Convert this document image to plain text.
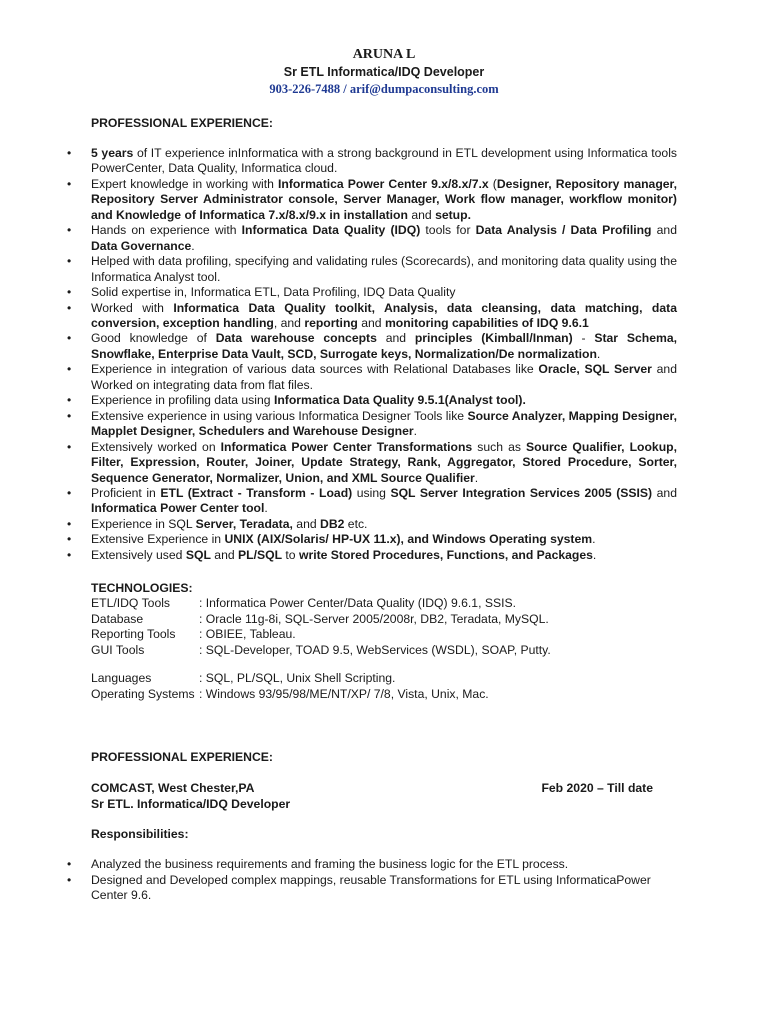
ARUNA L
Sr ETL Informatica/IDQ Developer
903-226-7488 / arif@dumpaconsulting.com
PROFESSIONAL EXPERIENCE:
• 5 years of IT experience inInformatica with a strong background in ETL development using Informatica tools PowerCenter, Data Quality, Informatica cloud.
• Expert knowledge in working with Informatica Power Center 9.x/8.x/7.x (Designer, Repository manager, Repository Server Administrator console, Server Manager, Work flow manager, workflow monitor) and Knowledge of Informatica 7.x/8.x/9.x in installation and setup.
• Hands on experience with Informatica Data Quality (IDQ) tools for Data Analysis / Data Profiling and Data Governance.
• Helped with data profiling, specifying and validating rules (Scorecards), and monitoring data quality using the Informatica Analyst tool.
• Solid expertise in, Informatica ETL, Data Profiling, IDQ Data Quality
• Worked with Informatica Data Quality toolkit, Analysis, data cleansing, data matching, data conversion, exception handling, and reporting and monitoring capabilities of IDQ 9.6.1
• Good knowledge of Data warehouse concepts and principles (Kimball/Inman) - Star Schema, Snowflake, Enterprise Data Vault, SCD, Surrogate keys, Normalization/De normalization.
• Experience in integration of various data sources with Relational Databases like Oracle, SQL Server and Worked on integrating data from flat files.
• Experience in profiling data using Informatica Data Quality 9.5.1(Analyst tool).
• Extensive experience in using various Informatica Designer Tools like Source Analyzer, Mapping Designer, Mapplet Designer, Schedulers and Warehouse Designer.
• Extensively worked on Informatica Power Center Transformations such as Source Qualifier, Lookup, Filter, Expression, Router, Joiner, Update Strategy, Rank, Aggregator, Stored Procedure, Sorter, Sequence Generator, Normalizer, Union, and XML Source Qualifier.
• Proficient in ETL (Extract - Transform - Load) using SQL Server Integration Services 2005 (SSIS) and Informatica Power Center tool.
• Experience in SQL Server, Teradata, and DB2 etc.
• Extensive Experience in UNIX (AIX/Solaris/ HP-UX 11.x), and Windows Operating system.
• Extensively used SQL and PL/SQL to write Stored Procedures, Functions, and Packages.
TECHNOLOGIES:
ETL/IDQ Tools	: Informatica Power Center/Data Quality (IDQ) 9.6.1, SSIS.
Database	: Oracle 11g-8i, SQL-Server 2005/2008r, DB2, Teradata, MySQL.
Reporting Tools	: OBIEE, Tableau.
GUI Tools	: SQL-Developer, TOAD 9.5, WebServices (WSDL), SOAP, Putty.
Languages	: SQL, PL/SQL, Unix Shell Scripting.
Operating Systems : Windows 93/95/98/ME/NT/XP/ 7/8, Vista, Unix, Mac.
PROFESSIONAL EXPERIENCE:
COMCAST, West Chester,PA	Feb 2020 – Till date
Sr ETL. Informatica/IDQ Developer
Responsibilities:
• Analyzed the business requirements and framing the business logic for the ETL process.
• Designed and Developed complex mappings, reusable Transformations for ETL using InformaticaPower Center 9.6.
